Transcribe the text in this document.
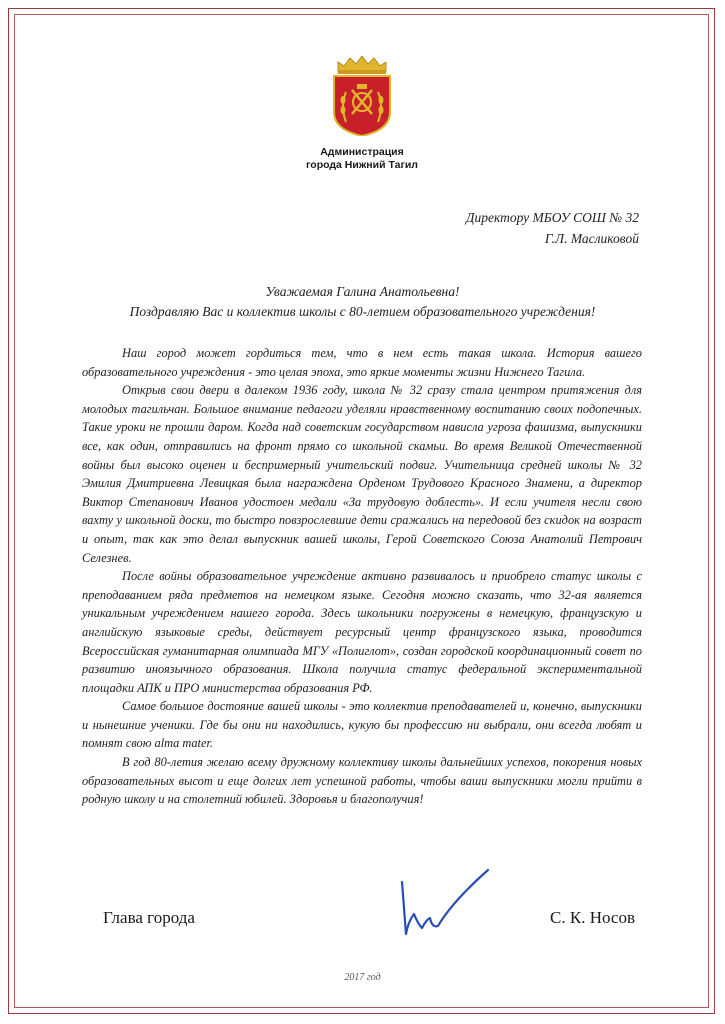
Администрация
города Нижний Тагил
Директору МБОУ СОШ № 32
Г.Л. Масликовой
Уважаемая Галина Анатольевна!
Поздравляю Вас и коллектив школы с 80-летием образовательного учреждения!

Наш город может гордиться тем, что в нем есть такая школа. История вашего образовательного учреждения - это целая эпоха, это яркие моменты жизни Нижнего Тагила.

Открыв свои двери в далеком 1936 году, школа № 32 сразу стала центром притяжения для молодых тагильчан. Большое внимание педагоги уделяли нравственному воспитанию своих подопечных. Такие уроки не прошли даром. Когда над советским государством нависла угроза фашизма, выпускники все, как один, отправились на фронт прямо со школьной скамьи. Во время Великой Отечественной войны был высоко оценен и беспримерный учительский подвиг. Учительница средней школы № 32 Эмилия Дмитриевна Левицкая была награждена Орденом Трудового Красного Знамени, а директор Виктор Степанович Иванов удостоен медали «За трудовую доблесть». И если учителя несли свою вахту у школьной доски, то быстро повзрослевшие дети сражались на передовой без скидок на возраст и опыт, так как это делал выпускник вашей школы, Герой Советского Союза Анатолий Петрович Селезнев.

После войны образовательное учреждение активно развивалось и приобрело статус школы с преподаванием ряда предметов на немецком языке. Сегодня можно сказать, что 32-ая является уникальным учреждением нашего города. Здесь школьники погружены в немецкую, французскую и английскую языковые среды, действует ресурсный центр французского языка, проводится Всероссийская гуманитарная олимпиада МГУ «Полиглот», создан городской координационный совет по развитию иноязычного образования. Школа получила статус федеральной экспериментальной площадки АПК и ПРО министерства образования РФ.

Самое большое достояние вашей школы - это коллектив преподавателей и, конечно, выпускники и нынешние ученики. Где бы они ни находились, кукую бы профессию ни выбрали, они всегда любят и помнят свою alma mater.

В год 80-летия желаю всему дружному коллективу школы дальнейших успехов, покорения новых образовательных высот и еще долгих лет успешной работы, чтобы ваши выпускники могли прийти в родную школу и на столетний юбилей. Здоровья и благополучия!

Глава города	С. К. Носов
2017 год
